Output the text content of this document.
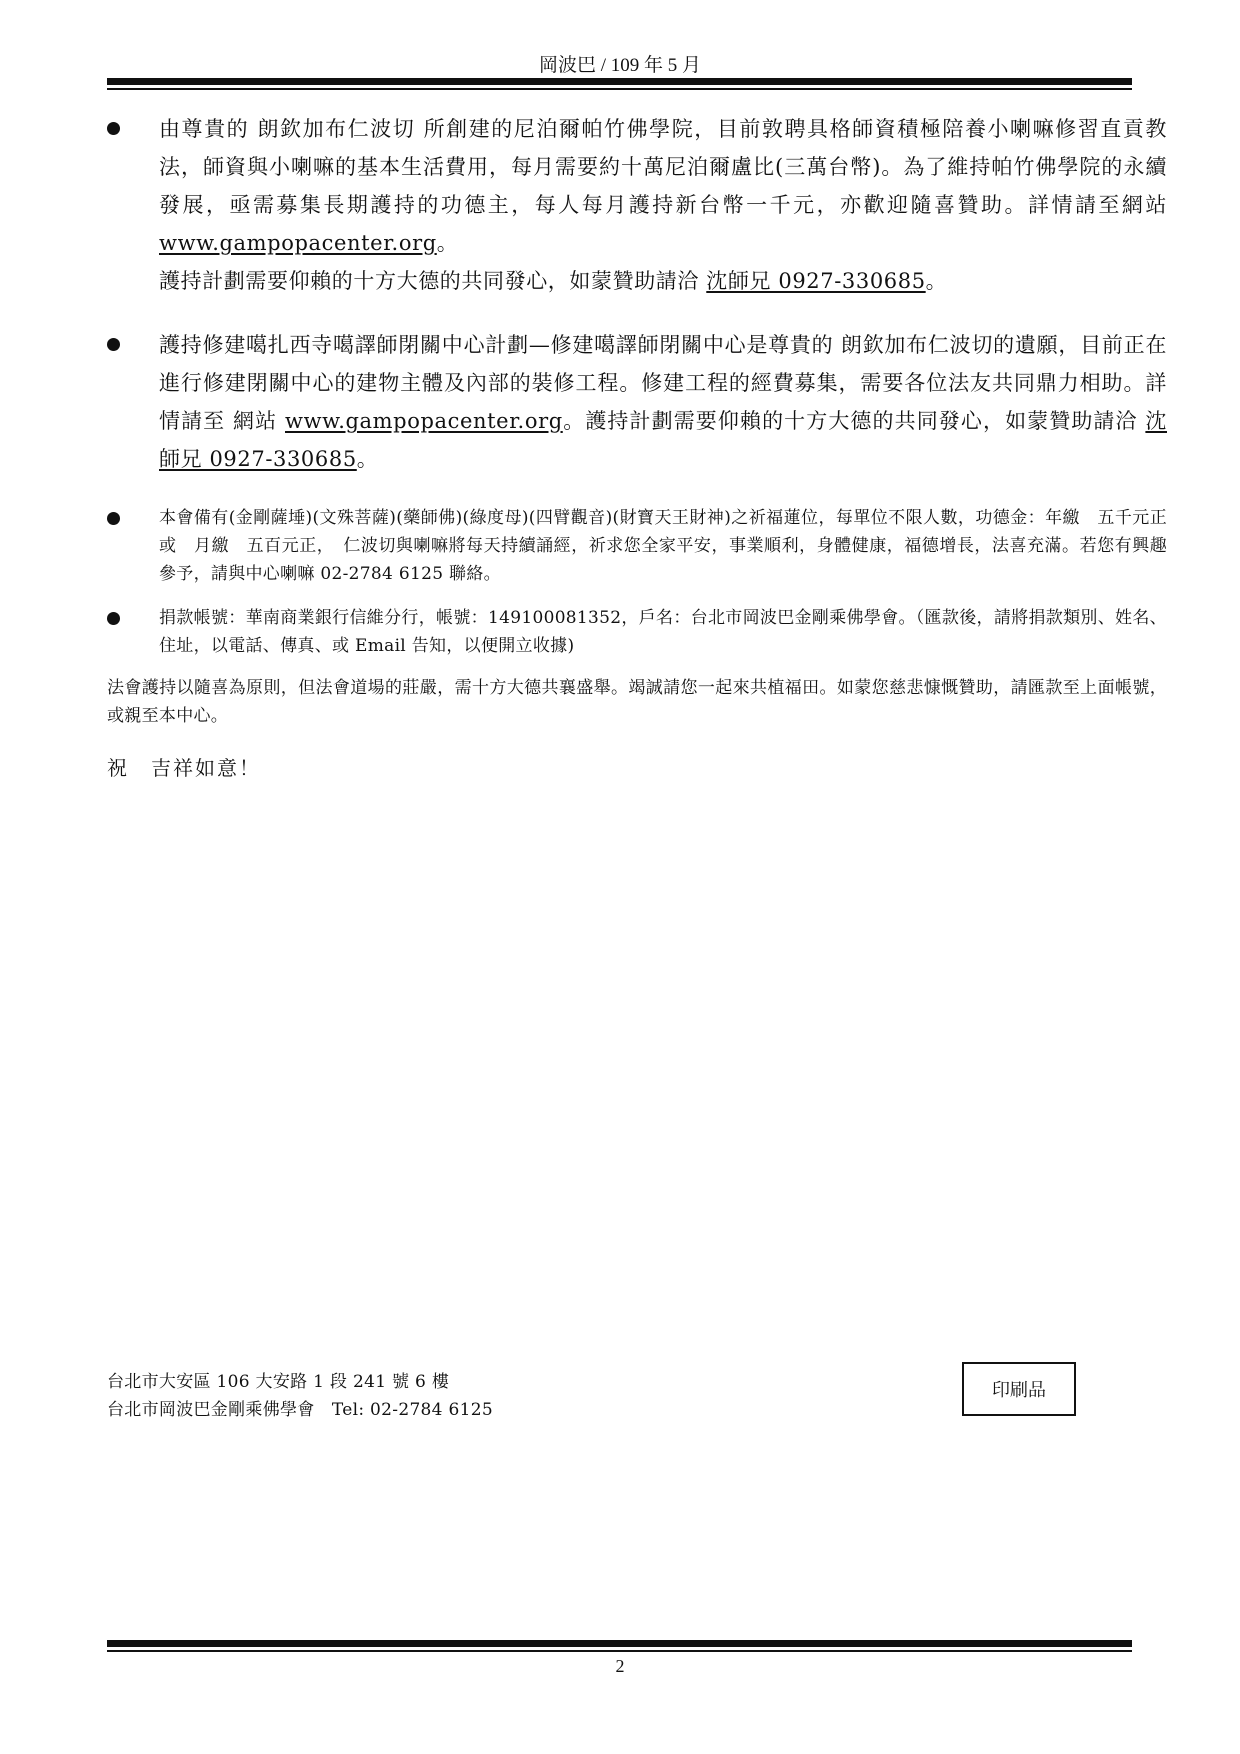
岡波巴 / 109 年 5 月

由尊貴的 朗欽加布仁波切 所創建的尼泊爾帕竹佛學院，目前敦聘具格師資積極陪養小喇嘛修習直貢教法，師資與小喇嘛的基本生活費用，每月需要約十萬尼泊爾盧比(三萬台幣)。為了維持帕竹佛學院的永續發展，亟需募集長期護持的功德主，每人每月護持新台幣一千元，亦歡迎隨喜贊助。詳情請至網站 www.gampopacenter.org。
護持計劃需要仰賴的十方大德的共同發心，如蒙贊助請洽 沈師兄 0927-330685。

護持修建噶扎西寺噶譯師閉關中心計劃—修建噶譯師閉關中心是尊貴的 朗欽加布仁波切的遺願，目前正在進行修建閉關中心的建物主體及內部的裝修工程。修建工程的經費募集，需要各位法友共同鼎力相助。詳情請至 網站 www.gampopacenter.org。護持計劃需要仰賴的十方大德的共同發心，如蒙贊助請洽 沈師兄 0927-330685。

本會備有(金剛薩埵)(文殊菩薩)(藥師佛)(綠度母)(四臂觀音)(財寶天王財神)之祈福蓮位，每單位不限人數，功德金：年繳　五千元正　或　月繳　五百元正，　仁波切與喇嘛將每天持續誦經，祈求您全家平安，事業順利，身體健康，福德增長，法喜充滿。若您有興趣參予，請與中心喇嘛 02-2784 6125 聯絡。

捐款帳號：華南商業銀行信維分行，帳號：149100081352，戶名：台北市岡波巴金剛乘佛學會。（匯款後，請將捐款類別、姓名、住址，以電話、傳真、或 Email 告知，以便開立收據)

法會護持以隨喜為原則，但法會道場的莊嚴，需十方大德共襄盛舉。竭誠請您一起來共植福田。如蒙您慈悲慷慨贊助，請匯款至上面帳號，或親至本中心。

祝　吉祥如意！
台北市大安區 106 大安路 1 段 241 號 6 樓
台北市岡波巴金剛乘佛學會　Tel: 02-2784 6125
印刷品
2
